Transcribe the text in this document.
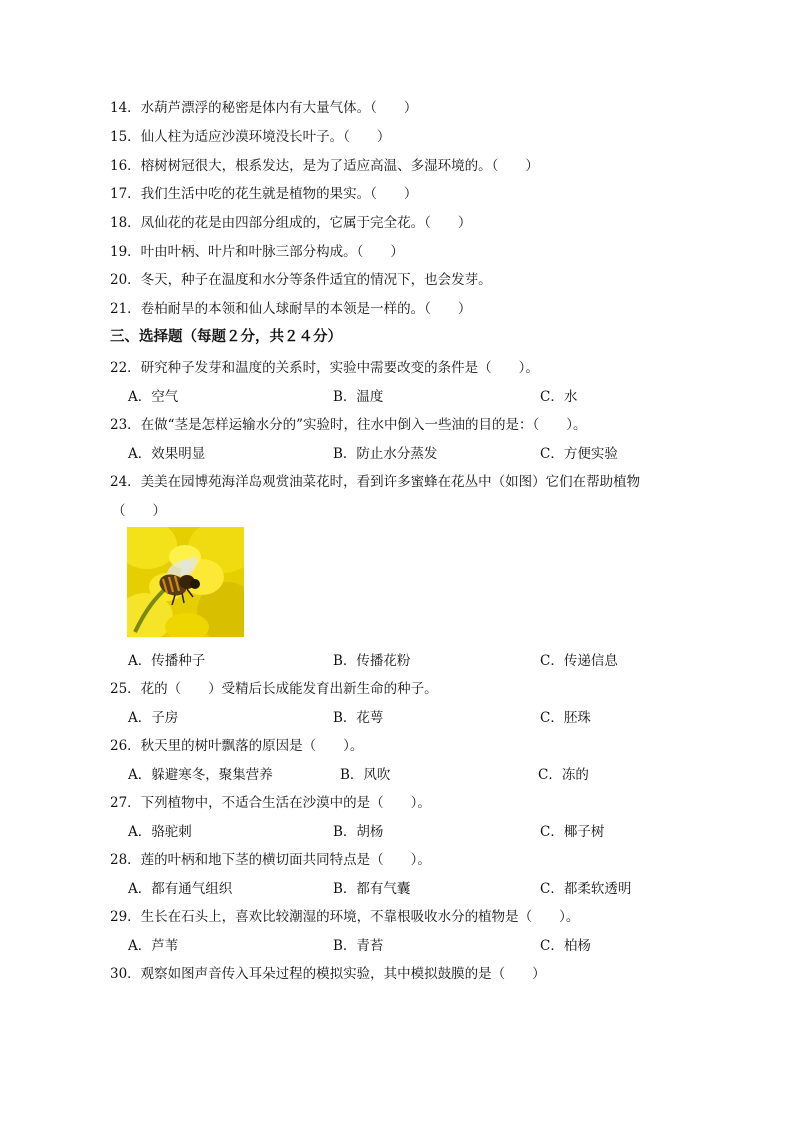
14．水葫芦漂浮的秘密是体内有大量气体。（　　）
15．仙人柱为适应沙漠环境没长叶子。（　　）
16．榕树树冠很大，根系发达，是为了适应高温、多湿环境的。（　　）
17．我们生活中吃的花生就是植物的果实。（　　）
18．凤仙花的花是由四部分组成的，它属于完全花。（　　）
19．叶由叶柄、叶片和叶脉三部分构成。（　　）
20．冬天，种子在温度和水分等条件适宜的情况下，也会发芽。
21．卷柏耐旱的本领和仙人球耐旱的本领是一样的。（　　）
三、选择题（每题２分，共２４分）
22．研究种子发芽和温度的关系时，实验中需要改变的条件是（　　）。
A．空气	B．温度	C．水
23．在做“茎是怎样运输水分的”实验时，往水中倒入一些油的目的是：（　　）。
A．效果明显	B．防止水分蒸发	C．方便实验
24．美美在园博苑海洋岛观赏油菜花时，看到许多蜜蜂在花丛中（如图）它们在帮助植物
（　　）
A．传播种子	B．传播花粉	C．传递信息
25．花的（　　）受精后长成能发育出新生命的种子。
A．子房	B．花萼	C．胚珠
26．秋天里的树叶飘落的原因是（　　）。
A．躲避寒冬，聚集营养	B．风吹	C．冻的
27．下列植物中，不适合生活在沙漠中的是（　　）。
A．骆驼刺	B．胡杨	C．椰子树
28．莲的叶柄和地下茎的横切面共同特点是（　　）。
A．都有通气组织	B．都有气囊	C．都柔软透明
29．生长在石头上，喜欢比较潮湿的环境，不靠根吸收水分的植物是（　　）。
A．芦苇	B．青苔	C．柏杨
30．观察如图声音传入耳朵过程的模拟实验，其中模拟鼓膜的是（　　）
